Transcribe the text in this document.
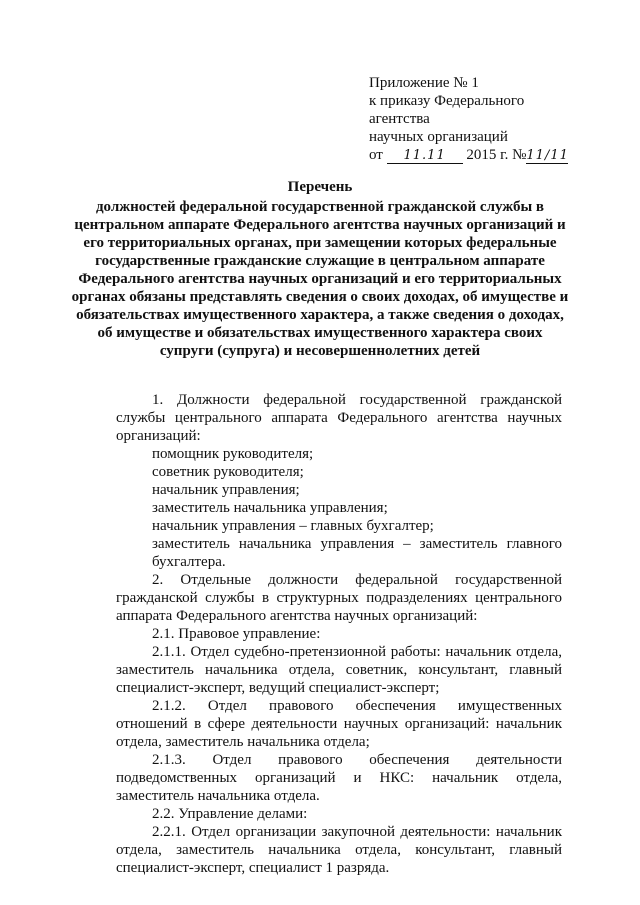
Приложение № 1
к приказу Федерального
агентства
научных организаций
от 11.11 2015 г. №11/11
Перечень
должностей федеральной государственной гражданской службы в центральном аппарате Федерального агентства научных организаций и его территориальных органах, при замещении которых федеральные государственные гражданские служащие в центральном аппарате Федерального агентства научных организаций и его территориальных органах обязаны представлять сведения о своих доходах, об имуществе и обязательствах имущественного характера, а также сведения о доходах, об имуществе и обязательствах имущественного характера своих супруги (супруга) и несовершеннолетних детей

1. Должности федеральной государственной гражданской службы центрального аппарата Федерального агентства научных организаций:

помощник руководителя;

советник руководителя;

начальник управления;

заместитель начальника управления;

начальник управления – главных бухгалтер;

заместитель начальника управления – заместитель главного бухгалтера.

2. Отдельные должности федеральной государственной гражданской службы в структурных подразделениях центрального аппарата Федерального агентства научных организаций:

2.1. Правовое управление:

2.1.1. Отдел судебно-претензионной работы: начальник отдела, заместитель начальника отдела, советник, консультант, главный специалист-эксперт, ведущий специалист-эксперт;

2.1.2. Отдел правового обеспечения имущественных отношений в сфере деятельности научных организаций: начальник отдела, заместитель начальника отдела;

2.1.3. Отдел правового обеспечения деятельности подведомственных организаций и НКС: начальник отдела, заместитель начальника отдела.

2.2. Управление делами:

2.2.1. Отдел организации закупочной деятельности: начальник отдела, заместитель начальника отдела, консультант, главный специалист-эксперт, специалист 1 разряда.
